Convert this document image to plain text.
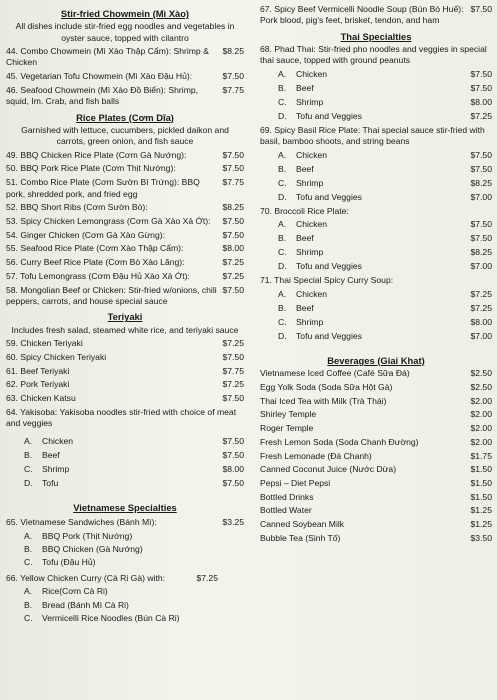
Stir-fried Chowmein (Mì Xào)
All dishes include stir-fried egg noodles and vegetables in oyster sauce, topped with cilantro
44. Combo Chowmein (Mì Xào Thập Cẩm): Shrimp & Chicken
$8.25
45. Vegetarian Tofu Chowmein (Mì Xào Đậu Hủ):	$7.50
46. Seafood Chowmein (Mì Xào Đồ Biển): Shrimp, squid, Im. Crab, and fish balls
$7.75
Rice Plates (Cơm Dĩa)
Garnished with lettuce, cucumbers, pickled daikon and carrots, green onion, and fish sauce
49. BBQ Chicken Rice Plate (Cơm Gà Nướng):	$7.50
50. BBQ Pork Rice Plate (Cơm Thịt Nướng):	$7.50
51. Combo Rice Plate (Cơm Sườn Bì Trứng): BBQ pork, shredded pork, and fried egg
$7.75
52. BBQ Short Ribs (Cơm Sườn Bò):	$8.25
53. Spicy Chicken Lemongrass (Cơm Gà Xào Xả Ớt):	$7.50
54. Ginger Chicken (Cơm Gà Xào Gừng):	$7.50
55. Seafood Rice Plate (Cơm Xào Thập Cẩm):	$8.00
56. Curry Beef Rice Plate (Cơm Bò Xào Lăng):	$7.25
57. Tofu Lemongrass (Cơm Đậu Hủ Xào Xả Ớt):	$7.25
58. Mongolian Beef or Chicken: Stir-fried w/onions, chili peppers, carrots, and house special sauce
$7.50
Teriyaki
Includes fresh salad, steamed white rice, and teriyaki sauce
59. Chicken Teriyaki	$7.25
60. Spicy Chicken Teriyaki	$7.50
61. Beef Teriyaki	$7.75
62. Pork Teriyaki	$7.25
63. Chicken Katsu	$7.50
64. Yakisoba: Yakisoba noodles stir-fried with choice of meat and veggies
A.	Chicken	$7.50
B.	Beef	$7.50
C.	Shrimp	$8.00
D.	Tofu	$7.50
Vietnamese Specialties
65. Vietnamese Sandwiches (Bánh Mì):	$3.25
A.	BBQ Pork (Thịt Nướng)
B.	BBQ Chicken (Gà Nướng)
C.	Tofu (Đậu Hủ)
66. Yellow Chicken Curry (Cà Ri Gà) with:	$7.25
A.	Rice(Cơm Cà Ri)
B.	Bread (Bánh Mì Cà Ri)
C.	Vermicelli Rice Noodles (Bún Cà Ri)
67. Spicy Beef Vermicelli Noodle Soup (Bún Bò Huế): $7.50
Pork blood, pig's feet, brisket, tendon, and ham
Thai Specialties
68. Phad Thai: Stir-fried pho noodles and veggies in special thai sauce, topped with ground peanuts
A.	Chicken	$7.50
B.	Beef	$7.50
C.	Shrimp	$8.00
D.	Tofu and Veggies	$7.25
69. Spicy Basil Rice Plate: Thai special sauce stir-fried with basil, bamboo shoots, and string beans
A.	Chicken	$7.50
B.	Beef	$7.50
C.	Shrimp	$8.25
D.	Tofu and Veggies	$7.00
70. Broccoli Rice Plate:
A.	Chicken	$7.50
B.	Beef	$7.50
C.	Shrimp	$8.25
D.	Tofu and Veggies	$7.00
71. Thai Special Spicy Curry Soup:
A.	Chicken	$7.25
B.	Beef	$7.25
C.	Shrimp	$8.00
D.	Tofu and Veggies	$7.00
Beverages (Giai Khat)
Vietnamese Iced Coffee (Café Sữa Đá)	$2.50
Egg Yolk Soda (Soda Sữa Hột Gà)	$2.50
Thai Iced Tea with Milk (Trà Thái)	$2.00
Shirley Temple	$2.00
Roger Temple	$2.00
Fresh Lemon Soda (Soda Chanh Đường)	$2.00
Fresh Lemonade (Đá Chanh)	$1.75
Canned Coconut Juice (Nước Dừa)	$1.50
Pepsi – Diet Pepsi	$1.50
Bottled Drinks	$1.50
Bottled Water	$1.25
Canned Soybean Milk	$1.25
Bubble Tea (Sinh Tố)	$3.50
